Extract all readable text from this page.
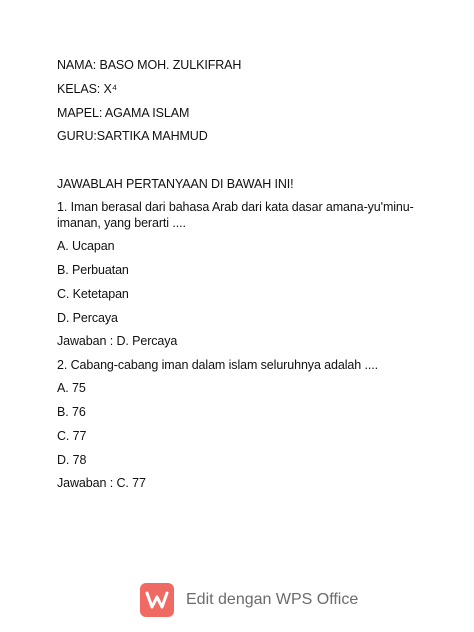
NAMA: BASO MOH. ZULKIFRAH
KELAS: X⁴
MAPEL: AGAMA ISLAM
GURU:SARTIKA MAHMUD
JAWABLAH PERTANYAAN DI BAWAH INI!
1. Iman berasal dari bahasa Arab dari kata dasar amana-yu'minu-imanan, yang berarti ....
A. Ucapan
B. Perbuatan
C. Ketetapan
D. Percaya
Jawaban : D. Percaya
2. Cabang-cabang iman dalam islam seluruhnya adalah ....
A. 75
B. 76
C. 77
D. 78
Jawaban : C. 77
Edit dengan WPS Office
